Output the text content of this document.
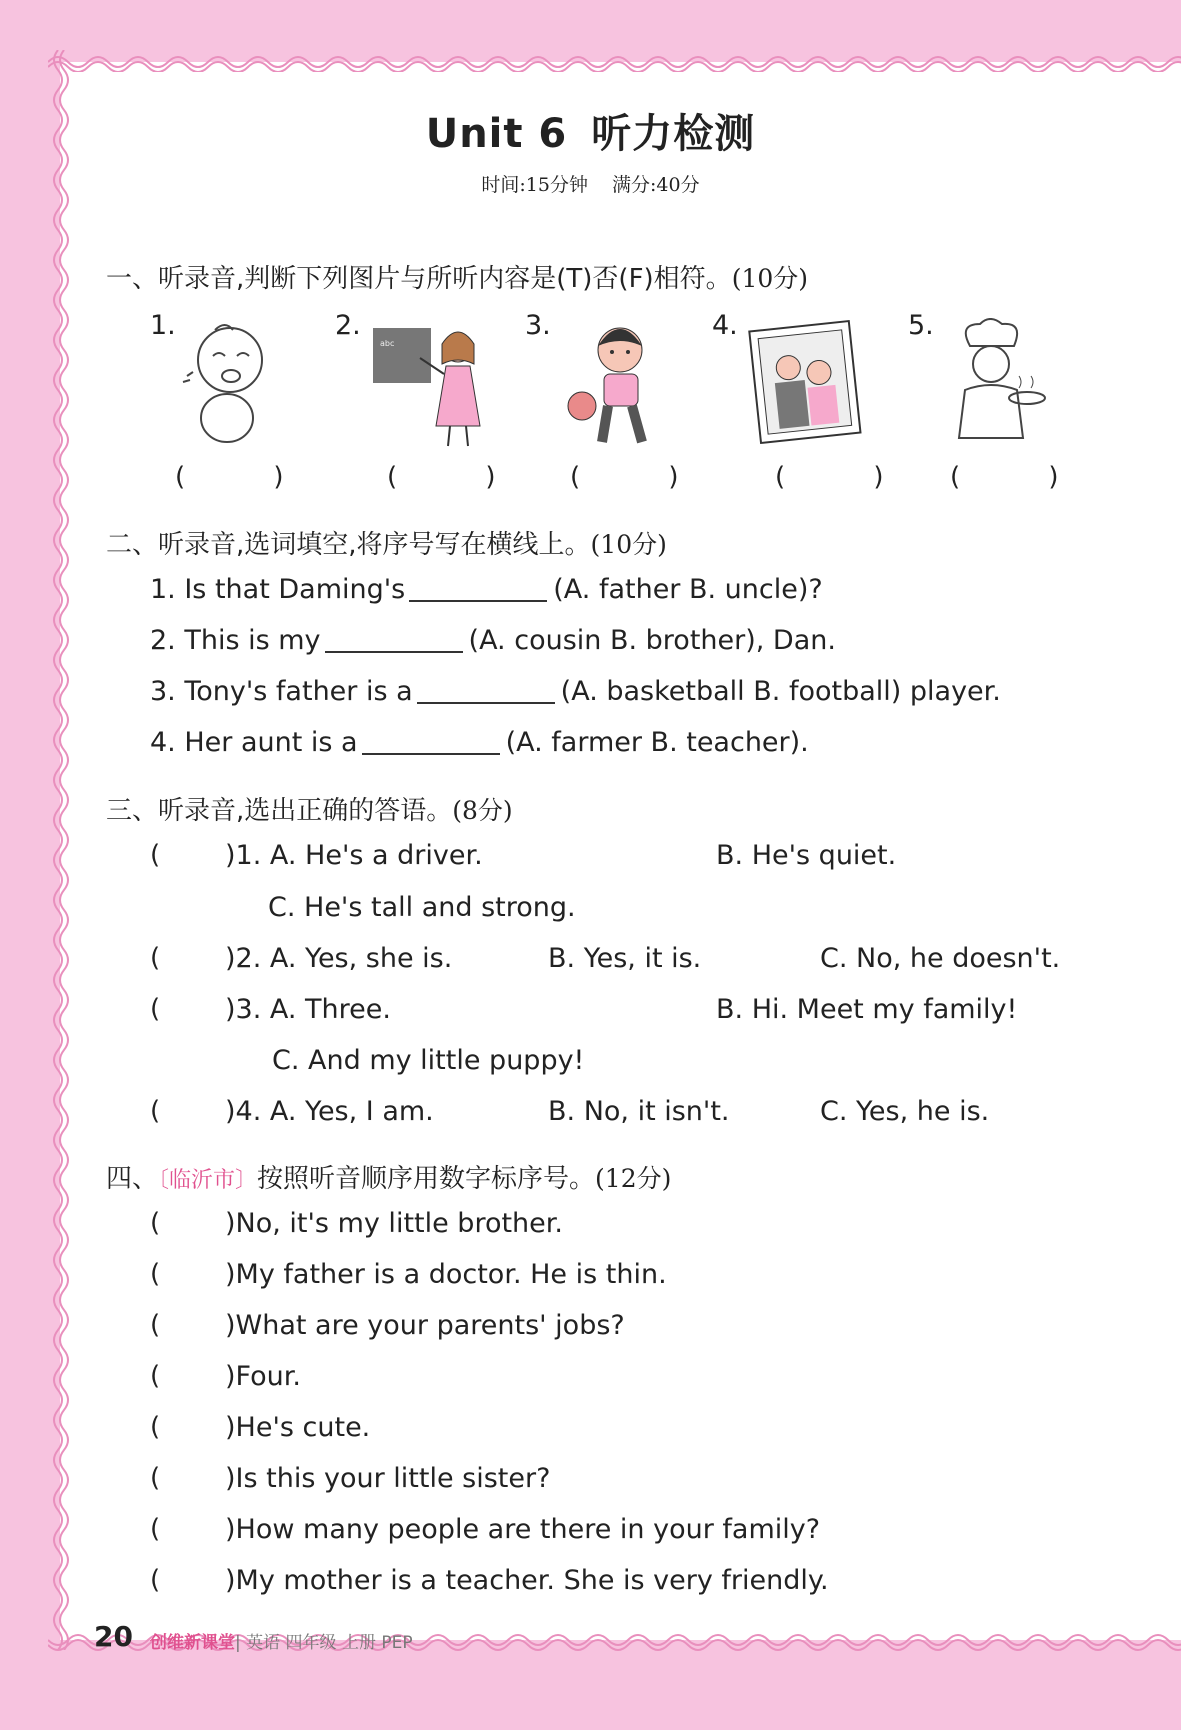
Unit 6 听力检测
时间:15分钟 满分:40分
一、听录音,判断下列图片与所听内容是(T)否(F)相符。(10分)
1.	2.	3.	4.	5.
abc
( ) ( ) ( ) ( ) ( )
二、听录音,选词填空,将序号写在横线上。(10分)
1. Is that Daming's	(A. father B. uncle)?
2. This is my	(A. cousin B. brother), Dan.
3. Tony's father is a	(A. basketball B. football) player.
4. Her aunt is a	(A. farmer B. teacher).
三、听录音,选出正确的答语。(8分)
( )1. A. He's a driver.	B. He's quiet.
C. He's tall and strong.
( )2. A. Yes, she is.	B. Yes, it is.	C. No, he doesn't.
( )3. A. Three.	B. Hi. Meet my family!
C. And my little puppy!
( )4. A. Yes, I am.	B. No, it isn't.	C. Yes, he is.
四、〔临沂市〕按照听音顺序用数字标序号。(12分)
( )No, it's my little brother.
( )My father is a doctor. He is thin.
( )What are your parents' jobs?
( )Four.
( )He's cute.
( )Is this your little sister?
( )How many people are there in your family?
( )My mother is a teacher. She is very friendly.
20 创维新课堂| 英语 四年级 上册 PEP
